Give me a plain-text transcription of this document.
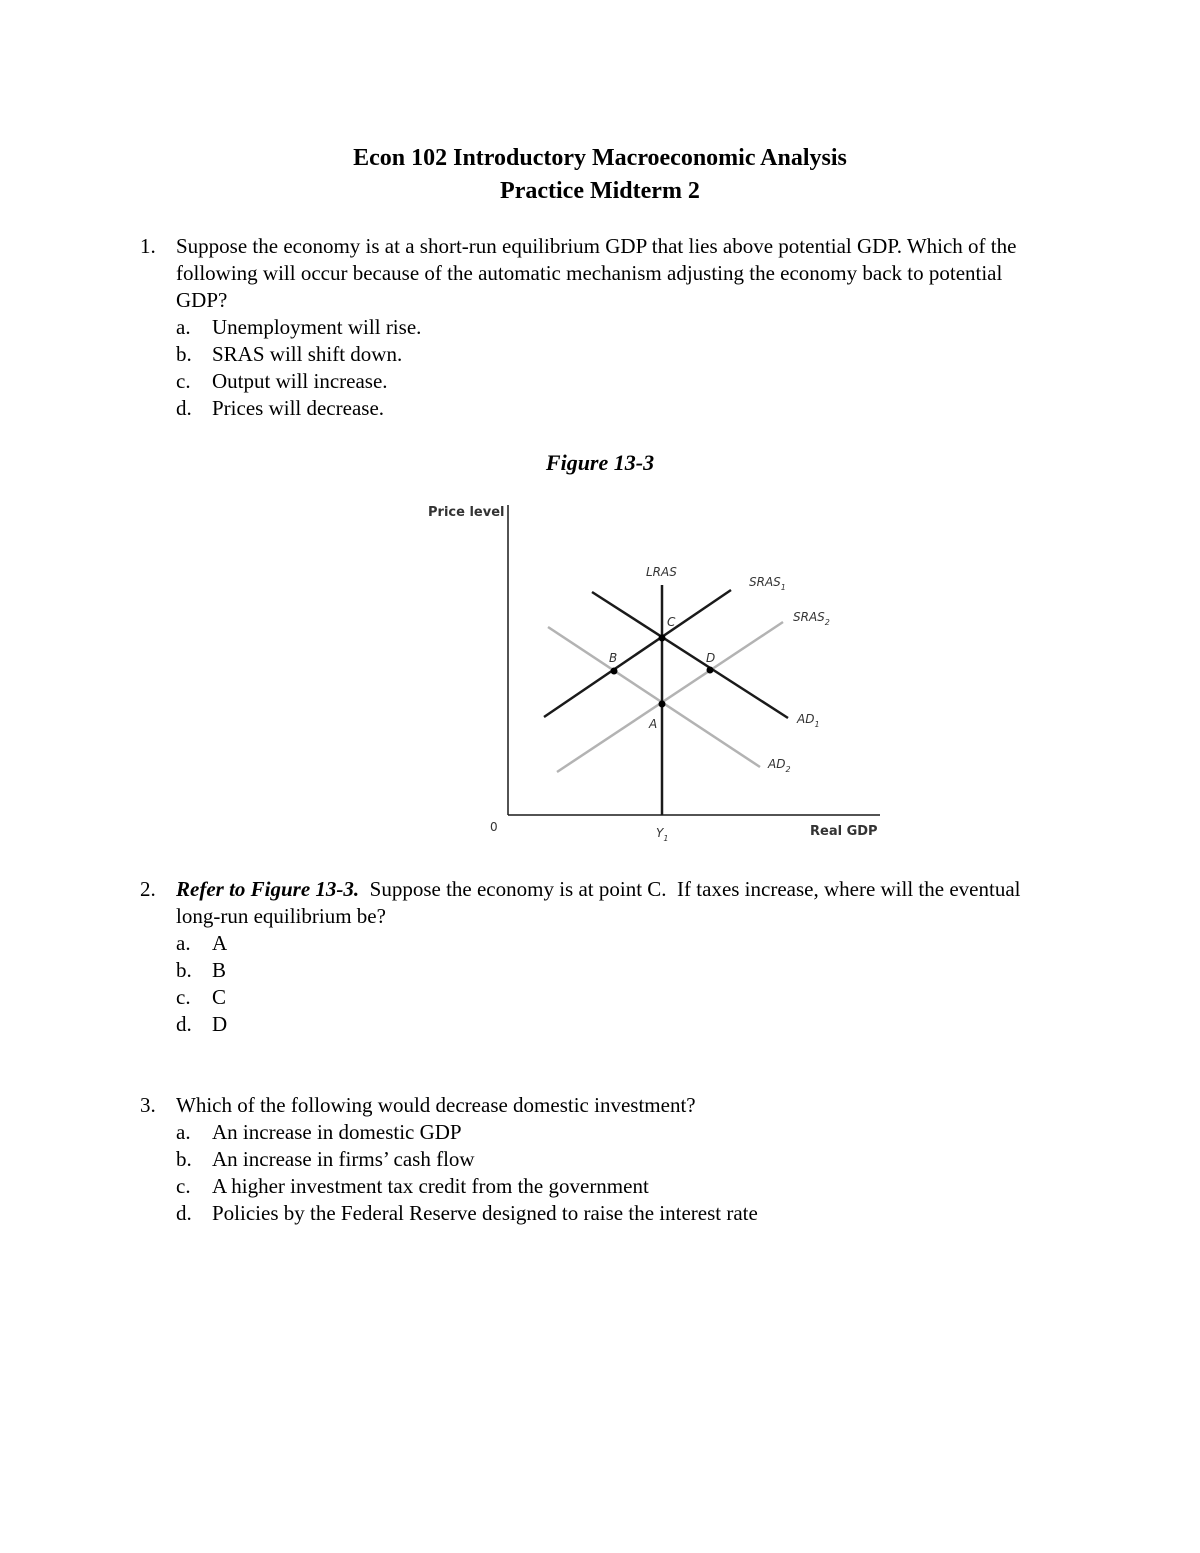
Econ 102 Introductory Macroeconomic Analysis
Practice Midterm 2
1. Suppose the economy is at a short-run equilibrium GDP that lies above potential GDP. Which of the
following will occur because of the automatic mechanism adjusting the economy back to potential
GDP?
a. Unemployment will rise.
b. SRAS will shift down.
c. Output will increase.
d. Prices will decrease.
Figure 13-3
Price level
Real GDP
0	$Y_1$
LRAS
$SRAS_1$
$SRAS_2$
$AD_1$
$AD_2$
C
B	D
A
2. Refer to Figure 13-3.  Suppose the economy is at point C.  If taxes increase, where will the eventual
long-run equilibrium be?
a. A
b. B
c. C
d. D
3. Which of the following would decrease domestic investment?
a. An increase in domestic GDP
b. An increase in firms’ cash flow
c. A higher investment tax credit from the government
d. Policies by the Federal Reserve designed to raise the interest rate
